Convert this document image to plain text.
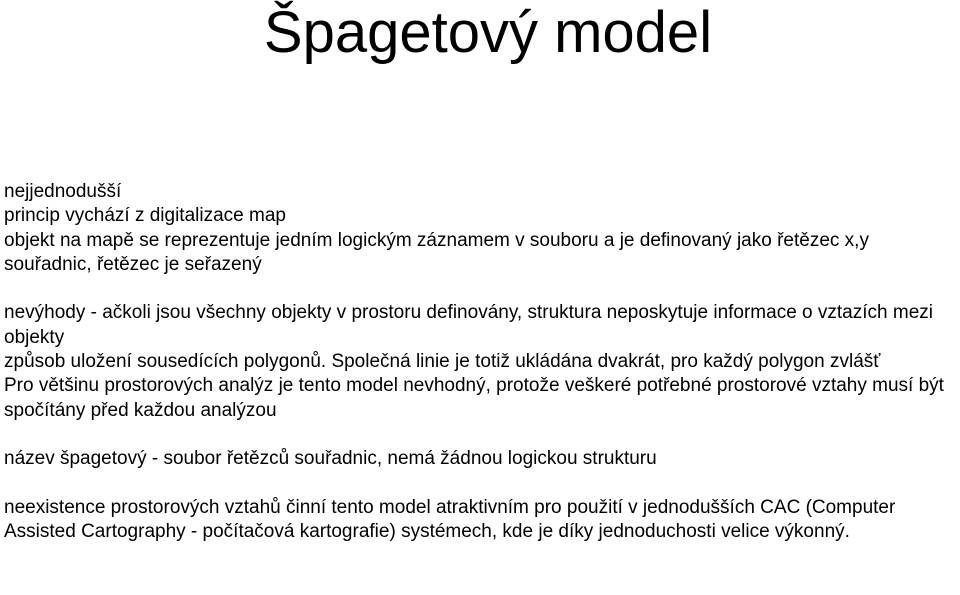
Špagetový model

nejjednodušší

princip vychází z digitalizace map

objekt na mapě se reprezentuje jedním logickým záznamem v souboru a je definovaný jako řetězec x,y souřadnic, řetězec je seřazený

nevýhody - ačkoli jsou všechny objekty v prostoru definovány, struktura neposkytuje informace o vztazích mezi objekty

způsob uložení sousedících polygonů. Společná linie je totiž ukládána dvakrát, pro každý polygon zvlášť

Pro většinu prostorových analýz je tento model nevhodný, protože veškeré potřebné prostorové vztahy musí být spočítány před každou analýzou

název špagetový - soubor řetězců souřadnic, nemá žádnou logickou strukturu

neexistence prostorových vztahů činní tento model atraktivním pro použití v jednodušších CAC (Computer Assisted Cartography - počítačová kartografie) systémech, kde je díky jednoduchosti velice výkonný.
